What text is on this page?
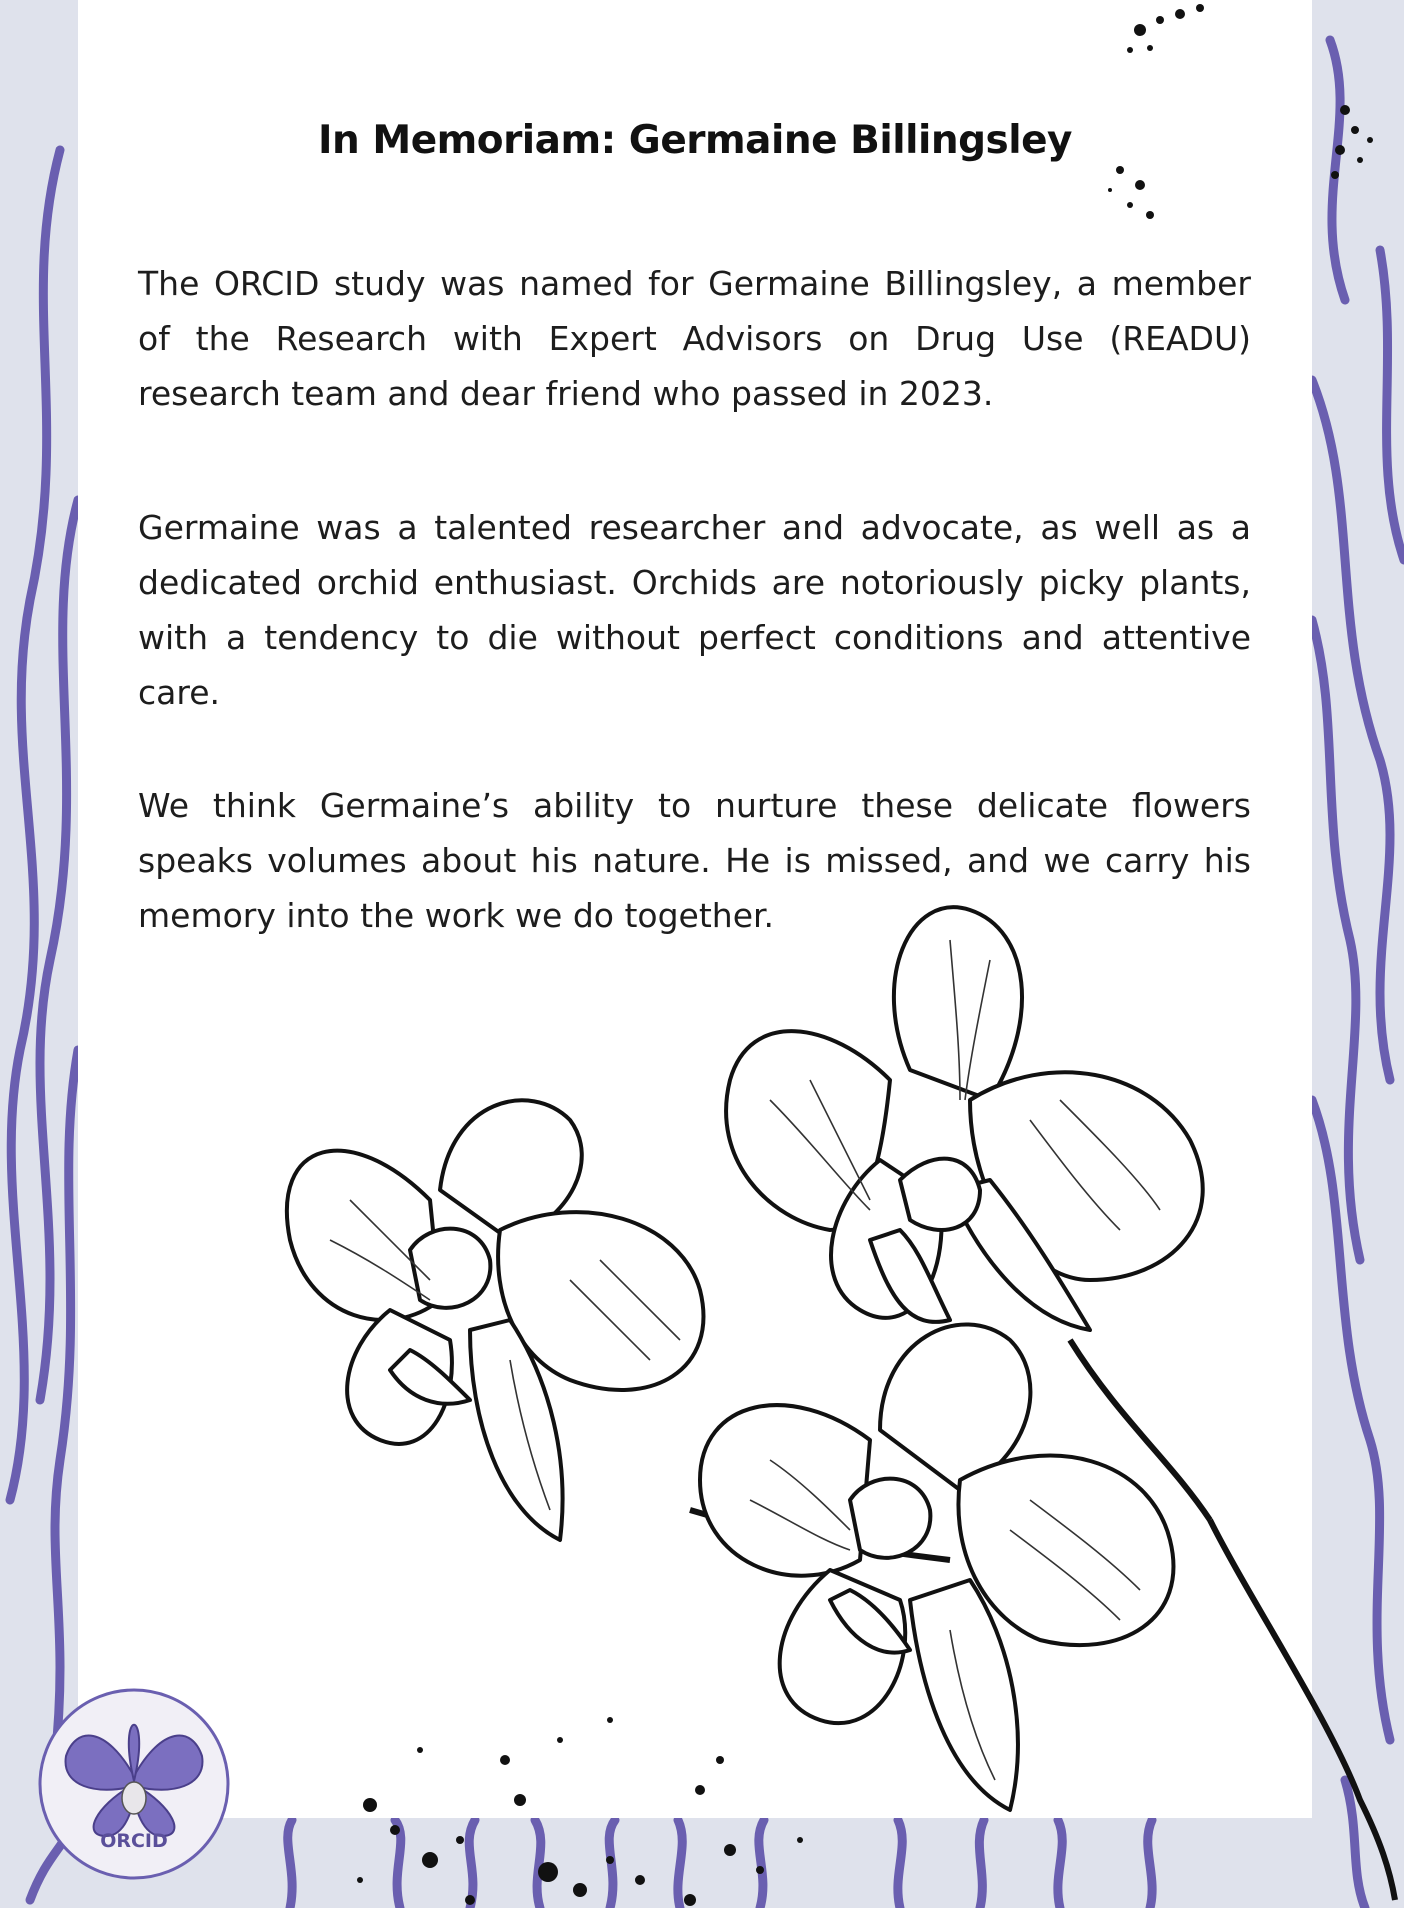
In Memoriam: Germaine Billingsley

The ORCID study was named for Germaine Billingsley, a member of the Research with Expert Advisors on Drug Use (READU) research team and dear friend who passed in 2023.

Germaine was a talented researcher and advocate, as well as a dedicated orchid enthusiast. Orchids are notoriously picky plants, with a tendency to die without perfect conditions and attentive care.

We think Germaine’s ability to nurture these delicate flowers speaks volumes about his nature. He is missed, and we carry his memory into the work we do together.

ORCID
